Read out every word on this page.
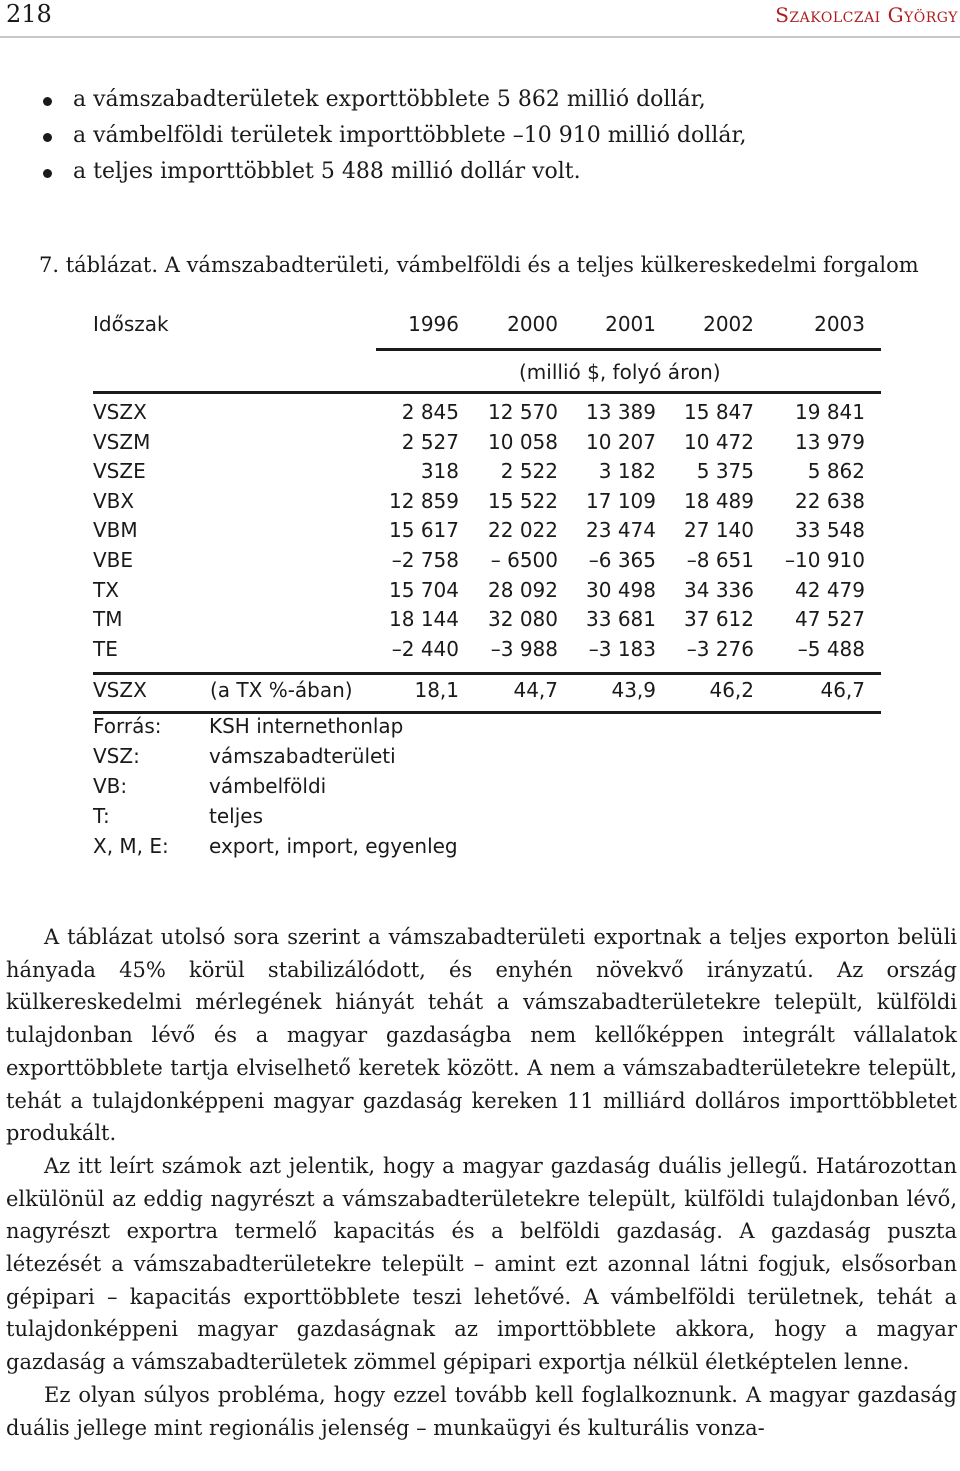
218	Szakolczai György
a vámszabadterületek exporttöbblete 5 862 millió dollár,
a vámbelföldi területek importtöbblete –10 910 millió dollár,
a teljes importtöbblet 5 488 millió dollár volt.
7. táblázat. A vámszabadterületi, vámbelföldi és a teljes külkereskedelmi forgalom
Időszak	1996	2000	2001	2002	2003
(millió $, folyó áron)
VSZX	2 845	12 570	13 389	15 847	19 841
VSZM	2 527	10 058	10 207	10 472	13 979
VSZE	318	2 522	3 182	5 375	5 862
VBX	12 859	15 522	17 109	18 489	22 638
VBM	15 617	22 022	23 474	27 140	33 548
VBE	–2 758	– 6500	–6 365	–8 651	–10 910
TX	15 704	28 092	30 498	34 336	42 479
TM	18 144	32 080	33 681	37 612	47 527
TE	–2 440	–3 988	–3 183	–3 276	–5 488
VSZX	(a TX %-ában)	18,1	44,7	43,9	46,2	46,7
Forrás: KSH internethonlap
VSZ:	vámszabadterületi
VB:	vámbelföldi
T:	teljes
X, M, E: export, import, egyenleg

A táblázat utolsó sora szerint a vámszabadterületi exportnak a teljes exporton belüli hányada 45% körül stabilizálódott, és enyhén növekvő irányzatú. Az ország külkereskedelmi mérlegének hiányát tehát a vámszabadterületekre települt, külföldi tulajdonban lévő és a magyar gazdaságba nem kellőképpen integrált vállalatok exporttöbblete tartja elviselhető keretek között. A nem a vámszabadterületekre települt, tehát a tulajdonképpeni magyar gazdaság kereken 11 milliárd dolláros importtöbbletet produkált.

Az itt leírt számok azt jelentik, hogy a magyar gazdaság duális jellegű. Határozottan elkülönül az eddig nagyrészt a vámszabadterületekre települt, külföldi tulajdonban lévő, nagyrészt exportra termelő kapacitás és a belföldi gazdaság. A gazdaság puszta létezését a vámszabadterületekre települt – amint ezt azonnal látni fogjuk, elsősorban gépipari – kapacitás exporttöbblete teszi lehetővé. A vámbelföldi területnek, tehát a tulajdonképpeni magyar gazdaságnak az importtöbblete akkora, hogy a magyar gazdaság a vámszabadterületek zömmel gépipari exportja nélkül életképtelen lenne.

Ez olyan súlyos probléma, hogy ezzel tovább kell foglalkoznunk. A magyar gazdaság duális jellege mint regionális jelenség – munkaügyi és kulturális vonza-
